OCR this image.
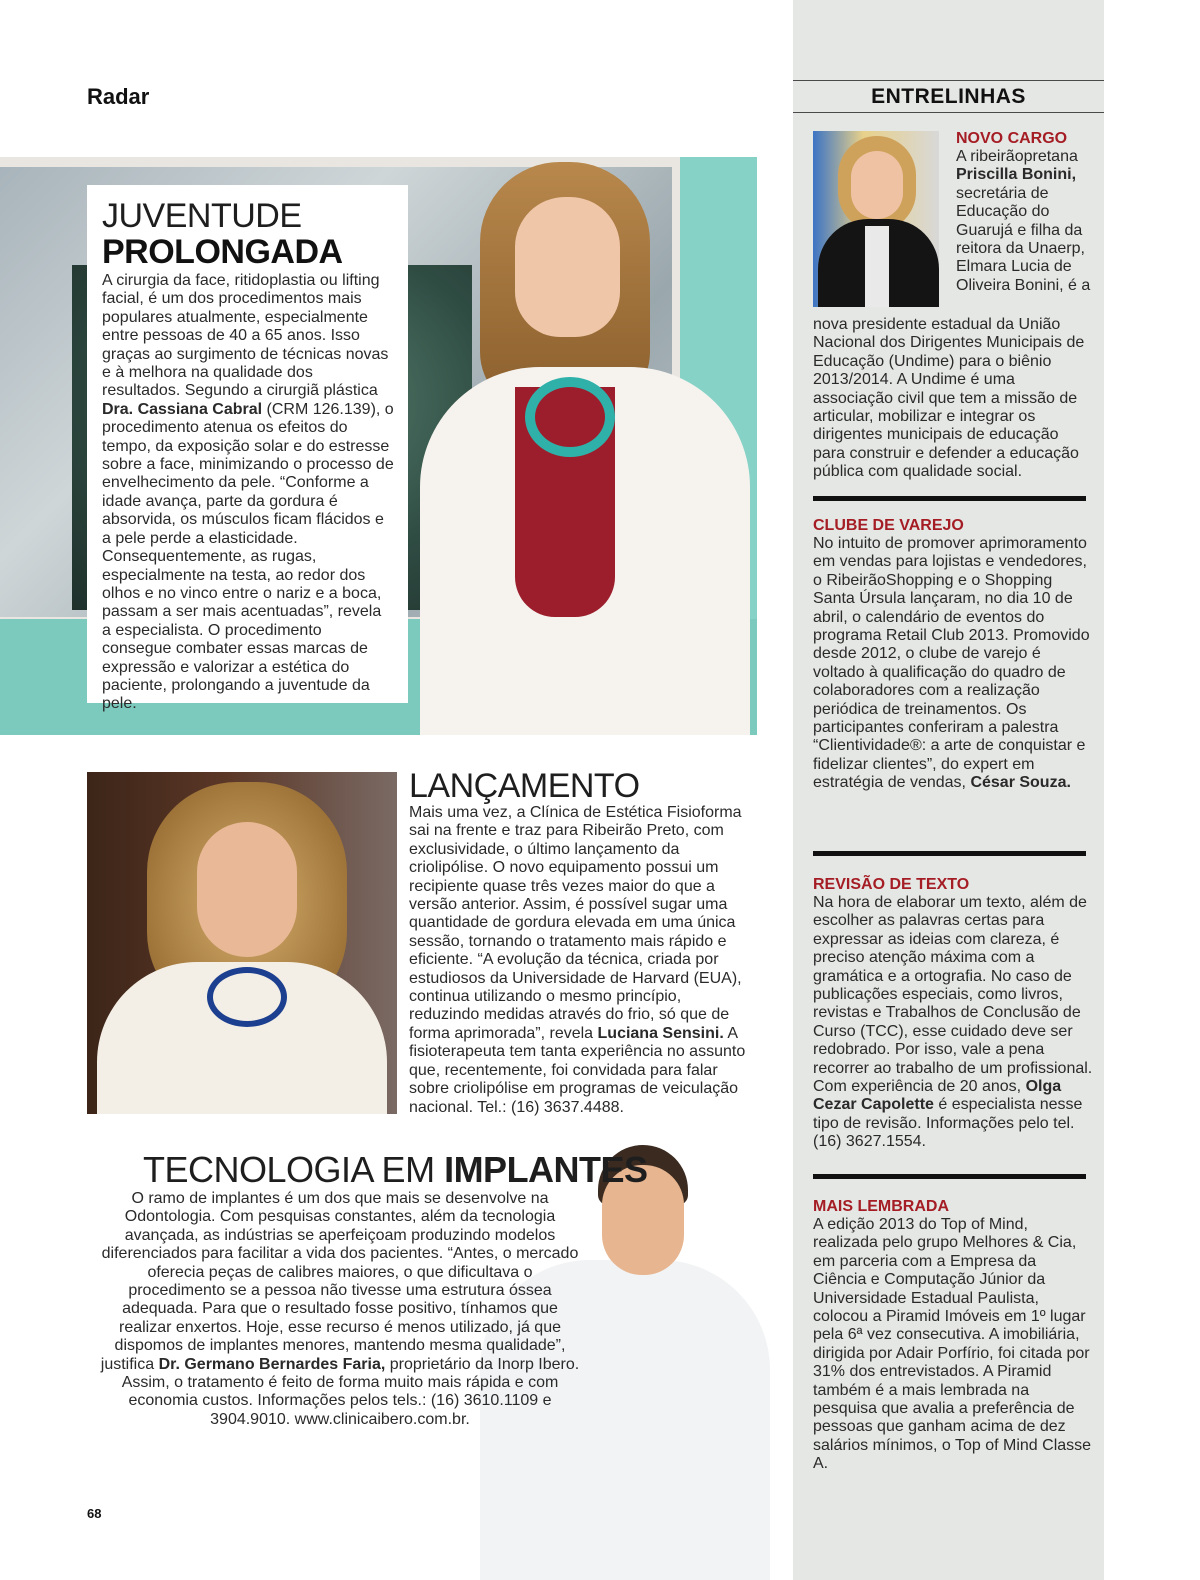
ENTRELINHAS
Radar
JUVENTUDE
PROLONGADA

A cirurgia da face, ritidoplastia ou lifting facial, é um dos procedimentos mais populares atualmente, especialmente entre pessoas de 40 a 65 anos. Isso graças ao surgimento de técnicas novas e à melhora na qualidade dos resultados. Segundo a cirurgiã plástica Dra. Cassiana Cabral (CRM 126.139), o procedimento atenua os efeitos do tempo, da exposição solar e do estresse sobre a face, minimizando o processo de envelhecimento da pele. “Conforme a idade avança, parte da gordura é absorvida, os músculos ficam flácidos e a pele perde a elasticidade. Consequentemente, as rugas, especialmente na testa, ao redor dos olhos e no vinco entre o nariz e a boca, passam a ser mais acentuadas”, revela a especialista. O procedimento consegue combater essas marcas de expressão e valorizar a estética do paciente, prolongando a juventude da pele.

LANÇAMENTO

Mais uma vez, a Clínica de Estética Fisioforma sai na frente e traz para Ribeirão Preto, com exclusividade, o último lançamento da criolipólise. O novo equipamento possui um recipiente quase três vezes maior do que a versão anterior. Assim, é possível sugar uma quantidade de gordura elevada em uma única sessão, tornando o tratamento mais rápido e eficiente. “A evolução da técnica, criada por estudiosos da Universidade de Harvard (EUA), continua utilizando o mesmo princípio, reduzindo medidas através do frio, só que de forma aprimorada”, revela Luciana Sensini. A fisioterapeuta tem tanta experiência no assunto que, recentemente, foi convidada para falar sobre criolipólise em programas de veiculação nacional. Tel.: (16) 3637.4488.

TECNOLOGIA EM IMPLANTES

O ramo de implantes é um dos que mais se desenvolve na Odontologia. Com pesquisas constantes, além da tecnologia avançada, as indústrias se aperfeiçoam produzindo modelos diferenciados para facilitar a vida dos pacientes. “Antes, o mercado oferecia peças de calibres maiores, o que dificultava o procedimento se a pessoa não tivesse uma estrutura óssea adequada. Para que o resultado fosse positivo, tínhamos que realizar enxertos. Hoje, esse recurso é menos utilizado, já que dispomos de implantes menores, mantendo mesma qualidade”, justifica Dr. Germano Bernardes Faria, proprietário da Inorp Ibero. Assim, o tratamento é feito de forma muito mais rápida e com economia custos. Informações pelos tels.: (16) 3610.1109 e 3904.9010. www.clinicaibero.com.br.

68
NOVO CARGO

A ribeirãopretana Priscilla Bonini, secretária de Educação do Guarujá e filha da reitora da Unaerp, Elmara Lucia de Oliveira Bonini, é a

nova presidente estadual da União Nacional dos Dirigentes Municipais de Educação (Undime) para o biênio 2013/2014. A Undime é uma associação civil que tem a missão de articular, mobilizar e integrar os dirigentes municipais de educação para construir e defender a educação pública com qualidade social.

CLUBE DE VAREJO

No intuito de promover aprimoramento em vendas para lojistas e vendedores, o RibeirãoShopping e o Shopping Santa Úrsula lançaram, no dia 10 de abril, o calendário de eventos do programa Retail Club 2013. Promovido desde 2012, o clube de varejo é voltado à qualificação do quadro de colaboradores com a realização periódica de treinamentos. Os participantes conferiram a palestra “Clientividade®: a arte de conquistar e fidelizar clientes”, do expert em estratégia de vendas, César Souza.

REVISÃO DE TEXTO

Na hora de elaborar um texto, além de escolher as palavras certas para expressar as ideias com clareza, é preciso atenção máxima com a gramática e a ortografia. No caso de publicações especiais, como livros, revistas e Trabalhos de Conclusão de Curso (TCC), esse cuidado deve ser redobrado. Por isso, vale a pena recorrer ao trabalho de um profissional. Com experiência de 20 anos, Olga Cezar Capolette é especialista nesse tipo de revisão. Informações pelo tel. (16) 3627.1554.

MAIS LEMBRADA

A edição 2013 do Top of Mind, realizada pelo grupo Melhores & Cia, em parceria com a Empresa da Ciência e Computação Júnior da Universidade Estadual Paulista, colocou a Piramid Imóveis em 1º lugar pela 6ª vez consecutiva. A imobiliária, dirigida por Adair Porfírio, foi citada por 31% dos entrevistados. A Piramid também é a mais lembrada na pesquisa que avalia a preferência de pessoas que ganham acima de dez salários mínimos, o Top of Mind Classe A.
